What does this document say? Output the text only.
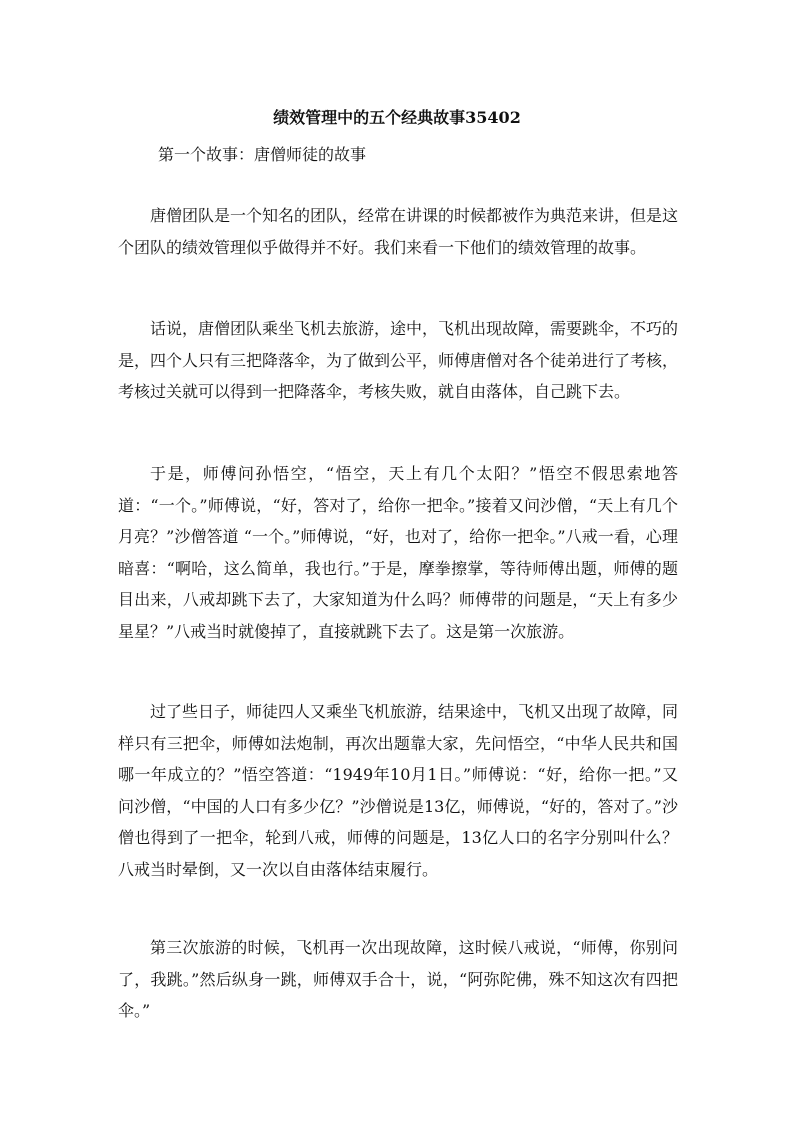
绩效管理中的五个经典故事35402

第一个故事：唐僧师徒的故事

唐僧团队是一个知名的团队，经常在讲课的时候都被作为典范来讲，但是这个团队的绩效管理似乎做得并不好。我们来看一下他们的绩效管理的故事。

话说，唐僧团队乘坐飞机去旅游，途中，飞机出现故障，需要跳伞，不巧的是，四个人只有三把降落伞，为了做到公平，师傅唐僧对各个徒弟进行了考核，考核过关就可以得到一把降落伞，考核失败，就自由落体，自己跳下去。

于是，师傅问孙悟空，“悟空，天上有几个太阳？”悟空不假思索地答道：“一个。”师傅说，“好，答对了，给你一把伞。”接着又问沙僧，“天上有几个月亮？”沙僧答道 “一个。”师傅说，“好，也对了，给你一把伞。”八戒一看，心理暗喜：“啊哈，这么简单，我也行。”于是，摩拳擦掌，等待师傅出题，师傅的题目出来，八戒却跳下去了，大家知道为什么吗？师傅带的问题是，“天上有多少星星？”八戒当时就傻掉了，直接就跳下去了。这是第一次旅游。

过了些日子，师徒四人又乘坐飞机旅游，结果途中，飞机又出现了故障，同样只有三把伞，师傅如法炮制，再次出题靠大家，先问悟空，“中华人民共和国哪一年成立的？”悟空答道：“1949年10月1日。”师傅说：“好，给你一把。”又问沙僧，“中国的人口有多少亿？”沙僧说是13亿，师傅说，“好的，答对了。”沙僧也得到了一把伞，轮到八戒，师傅的问题是，13亿人口的名字分别叫什么？八戒当时晕倒，又一次以自由落体结束履行。

第三次旅游的时候，飞机再一次出现故障，这时候八戒说，“师傅，你别问了，我跳。”然后纵身一跳，师傅双手合十，说，“阿弥陀佛，殊不知这次有四把伞。”
